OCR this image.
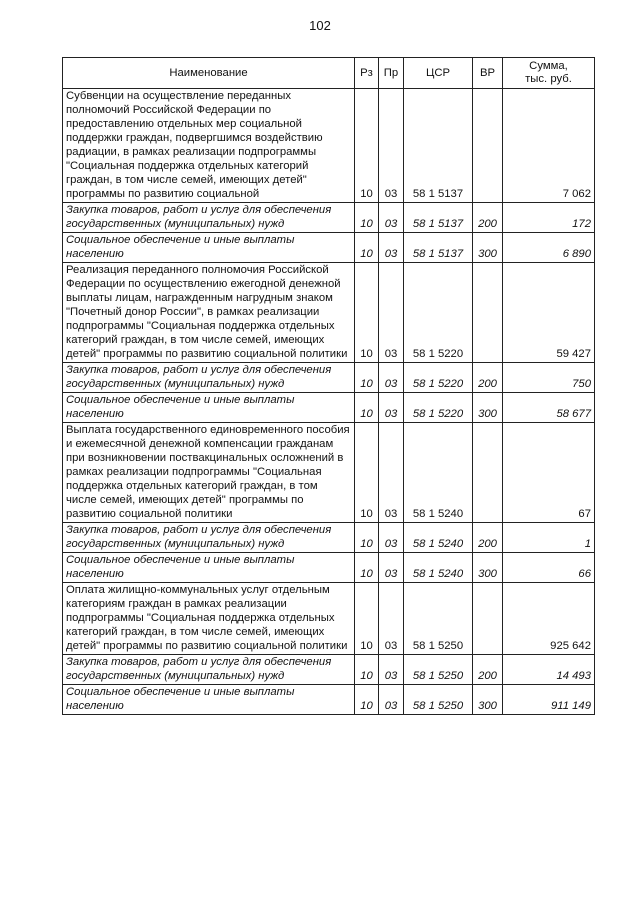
102
Наименование	Рз	Пр	ЦСР	ВР	Сумма,
тыс. руб.
Субвенции на осуществление переданных полномочий Российской Федерации по предоставлению отдельных мер социальной поддержки граждан, подвергшимся воздействию радиации, в рамках реализации подпрограммы "Социальная поддержка отдельных категорий граждан, в том числе семей, имеющих детей" программы по развитию социальной	10	03	58 1 5137		7 062
Закупка товаров, работ и услуг для обеспечения государственных (муниципальных) нужд	10	03	58 1 5137	200	172
Социальное обеспечение и иные выплаты населению	10	03	58 1 5137	300	6 890
Реализация переданного полномочия Российской Федерации по осуществлению ежегодной денежной выплаты лицам, награжденным нагрудным знаком "Почетный донор России", в рамках реализации подпрограммы "Социальная поддержка отдельных категорий граждан, в том числе семей, имеющих детей" программы по развитию социальной политики	10	03	58 1 5220		59 427
Закупка товаров, работ и услуг для обеспечения государственных (муниципальных) нужд	10	03	58 1 5220	200	750
Социальное обеспечение и иные выплаты населению	10	03	58 1 5220	300	58 677
Выплата государственного единовременного пособия и ежемесячной денежной компенсации гражданам при возникновении поствакцинальных осложнений в рамках реализации подпрограммы "Социальная поддержка отдельных категорий граждан, в том числе семей, имеющих детей" программы по развитию социальной политики	10	03	58 1 5240		67
Закупка товаров, работ и услуг для обеспечения государственных (муниципальных) нужд	10	03	58 1 5240	200	1
Социальное обеспечение и иные выплаты населению	10	03	58 1 5240	300	66
Оплата жилищно-коммунальных услуг отдельным категориям граждан в рамках реализации подпрограммы "Социальная поддержка отдельных категорий граждан, в том числе семей, имеющих детей" программы по развитию социальной политики	10	03	58 1 5250		925 642
Закупка товаров, работ и услуг для обеспечения государственных (муниципальных) нужд	10	03	58 1 5250	200	14 493
Социальное обеспечение и иные выплаты населению	10	03	58 1 5250	300	911 149
